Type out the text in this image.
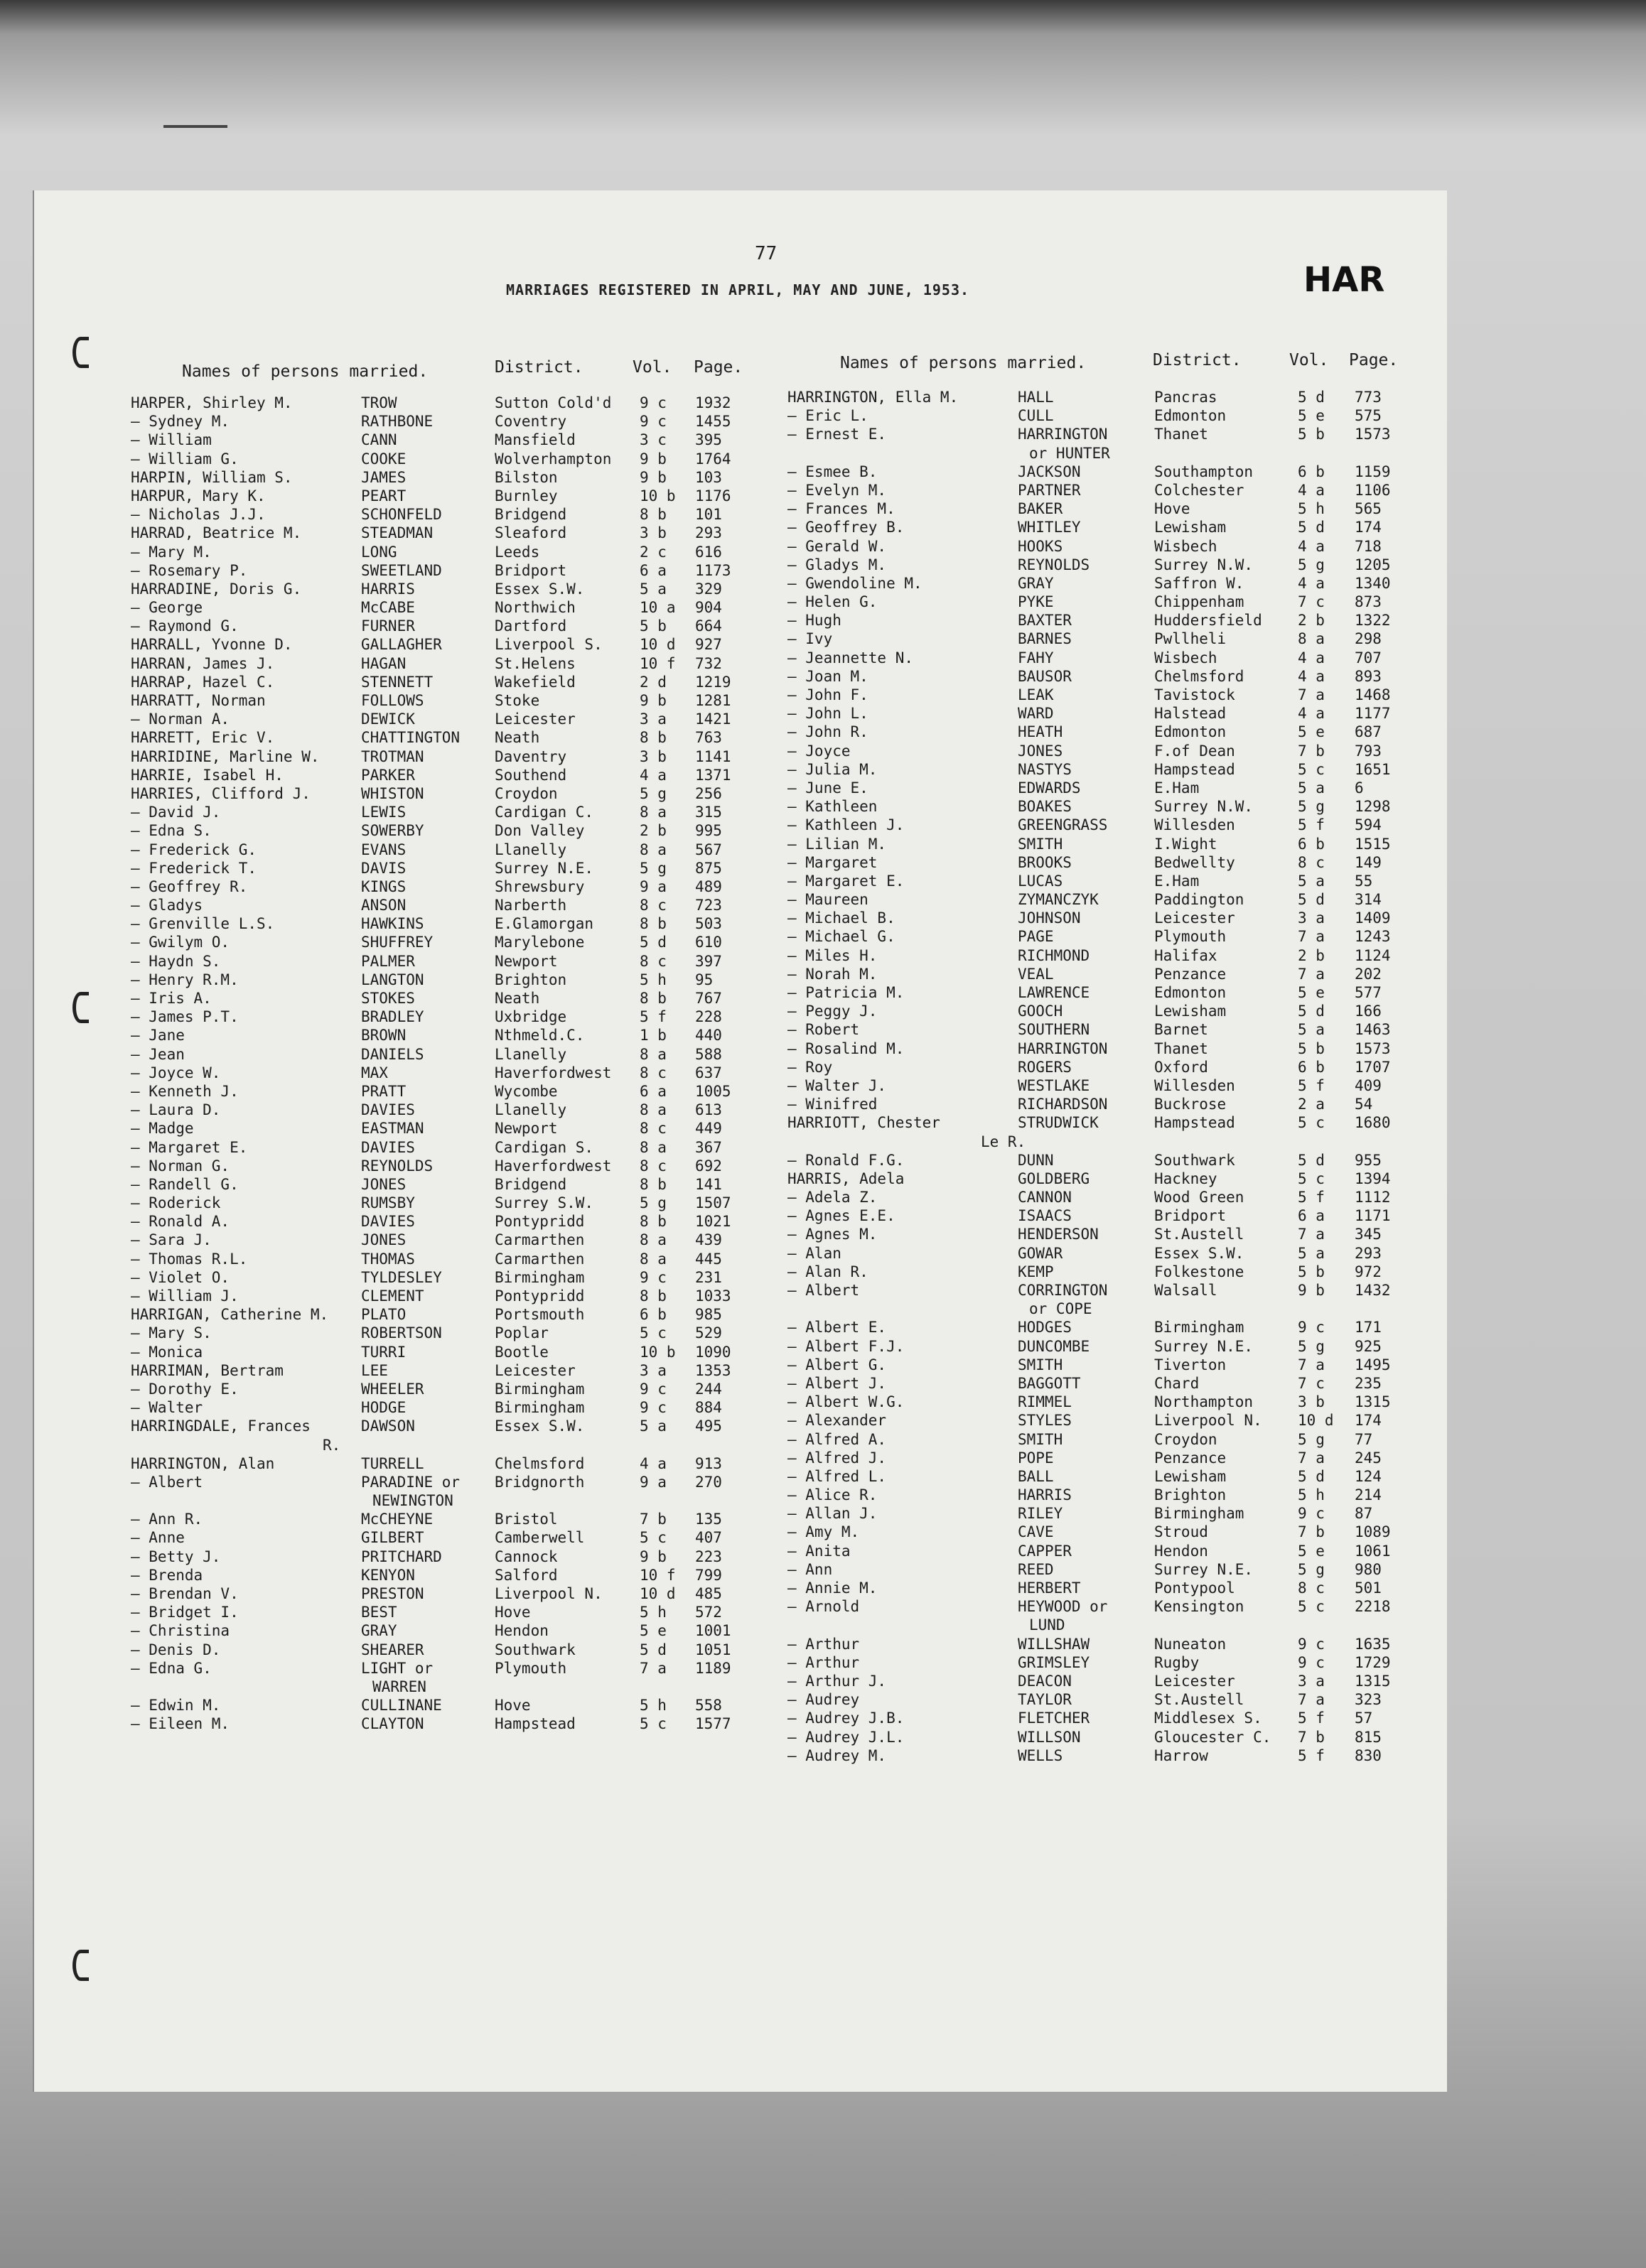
77
MARRIAGES REGISTERED IN APRIL, MAY AND JUNE, 1953.	HAR
Names of persons married.	District.	Vol. Page.	Names of persons married.	District.	Vol. Page.
HARPER, Shirley M.	TROW	Sutton Cold'd 9 c 1932
— Sydney M.	RATHBONE	Coventry	9 c 1455
— William	CANN	Mansfield	3 c 395
— William G.	COOKE	Wolverhampton 9 b 1764
HARPIN, William S.	JAMES	Bilston	9 b 103
HARPUR, Mary K.	PEART	Burnley	10 b 1176
— Nicholas J.J.	SCHONFELD	Bridgend	8 b 101
HARRAD, Beatrice M.	STEADMAN	Sleaford	3 b 293
— Mary M.	LONG	Leeds	2 c 616
— Rosemary P.	SWEETLAND	Bridport	6 a 1173
HARRADINE, Doris G.	HARRIS	Essex S.W.	5 a 329
— George	McCABE	Northwich	10 a 904
— Raymond G.	FURNER	Dartford	5 b 664
HARRALL, Yvonne D.	GALLAGHER	Liverpool S. 10 d 927
HARRAN, James J.	HAGAN	St.Helens	10 f 732
HARRAP, Hazel C.	STENNETT	Wakefield	2 d 1219
HARRATT, Norman	FOLLOWS	Stoke	9 b 1281
— Norman A.	DEWICK	Leicester	3 a 1421
HARRETT, Eric V.	CHATTINGTON Neath	8 b 763
HARRIDINE, Marline W.	TROTMAN	Daventry	3 b 1141
HARRIE, Isabel H.	PARKER	Southend	4 a 1371
HARRIES, Clifford J.	WHISTON	Croydon	5 g 256
— David J.	LEWIS	Cardigan C.	8 a 315
— Edna S.	SOWERBY	Don Valley	2 b 995
— Frederick G.	EVANS	Llanelly	8 a 567
— Frederick T.	DAVIS	Surrey N.E.	5 g 875
— Geoffrey R.	KINGS	Shrewsbury	9 a 489
— Gladys	ANSON	Narberth	8 c 723
— Grenville L.S.	HAWKINS	E.Glamorgan	8 b 503
— Gwilym O.	SHUFFREY	Marylebone	5 d 610
— Haydn S.	PALMER	Newport	8 c 397
— Henry R.M.	LANGTON	Brighton	5 h 95
— Iris A.	STOKES	Neath	8 b 767
— James P.T.	BRADLEY	Uxbridge	5 f 228
— Jane	BROWN	Nthmeld.C.	1 b 440
— Jean	DANIELS	Llanelly	8 a 588
— Joyce W.	MAX	Haverfordwest 8 c 637
— Kenneth J.	PRATT	Wycombe	6 a 1005
— Laura D.	DAVIES	Llanelly	8 a 613
— Madge	EASTMAN	Newport	8 c 449
— Margaret E.	DAVIES	Cardigan S.	8 a 367
— Norman G.	REYNOLDS	Haverfordwest 8 c 692
— Randell G.	JONES	Bridgend	8 b 141
— Roderick	RUMSBY	Surrey S.W.	5 g 1507
— Ronald A.	DAVIES	Pontypridd	8 b 1021
— Sara J.	JONES	Carmarthen	8 a 439
— Thomas R.L.	THOMAS	Carmarthen	8 a 445
— Violet O.	TYLDESLEY	Birmingham	9 c 231
— William J.	CLEMENT	Pontypridd	8 b 1033
HARRIGAN, Catherine M. PLATO	Portsmouth	6 b 985
— Mary S.	ROBERTSON	Poplar	5 c 529
— Monica	TURRI	Bootle	10 b 1090
HARRIMAN, Bertram	LEE	Leicester	3 a 1353
— Dorothy E.	WHEELER	Birmingham	9 c 244
— Walter	HODGE	Birmingham	9 c 884
HARRINGDALE, Frances	DAWSON	Essex S.W.	5 a 495
R.
HARRINGTON, Alan	TURRELL	Chelmsford	4 a 913
— Albert	PARADINE or Bridgnorth	9 a 270
NEWINGTON
— Ann R.	McCHEYNE	Bristol	7 b 135
— Anne	GILBERT	Camberwell	5 c 407
— Betty J.	PRITCHARD	Cannock	9 b 223
— Brenda	KENYON	Salford	10 f 799
— Brendan V.	PRESTON	Liverpool N. 10 d 485
— Bridget I.	BEST	Hove	5 h 572
— Christina	GRAY	Hendon	5 e 1001
— Denis D.	SHEARER	Southwark	5 d 1051
— Edna G.	LIGHT or	Plymouth	7 a 1189
WARREN
— Edwin M.	CULLINANE	Hove	5 h 558
— Eileen M.	CLAYTON	Hampstead	5 c 1577
HARRINGTON, Ella M.	HALL	Pancras	5 d 773
— Eric L.	CULL	Edmonton	5 e 575
— Ernest E.	HARRINGTON	Thanet	5 b 1573
or HUNTER
— Esmee B.	JACKSON	Southampton	6 b 1159
— Evelyn M.	PARTNER	Colchester	4 a 1106
— Frances M.	BAKER	Hove	5 h 565
— Geoffrey B.	WHITLEY	Lewisham	5 d 174
— Gerald W.	HOOKS	Wisbech	4 a 718
— Gladys M.	REYNOLDS	Surrey N.W.	5 g 1205
— Gwendoline M.	GRAY	Saffron W.	4 a 1340
— Helen G.	PYKE	Chippenham	7 c 873
— Hugh	BAXTER	Huddersfield 2 b 1322
— Ivy	BARNES	Pwllheli	8 a 298
— Jeannette N.	FAHY	Wisbech	4 a 707
— Joan M.	BAUSOR	Chelmsford	4 a 893
— John F.	LEAK	Tavistock	7 a 1468
— John L.	WARD	Halstead	4 a 1177
— John R.	HEATH	Edmonton	5 e 687
— Joyce	JONES	F.of Dean	7 b 793
— Julia M.	NASTYS	Hampstead	5 c 1651
— June E.	EDWARDS	E.Ham	5 a 6
— Kathleen	BOAKES	Surrey N.W.	5 g 1298
— Kathleen J.	GREENGRASS	Willesden	5 f 594
— Lilian M.	SMITH	I.Wight	6 b 1515
— Margaret	BROOKS	Bedwellty	8 c 149
— Margaret E.	LUCAS	E.Ham	5 a 55
— Maureen	ZYMANCZYK	Paddington	5 d 314
— Michael B.	JOHNSON	Leicester	3 a 1409
— Michael G.	PAGE	Plymouth	7 a 1243
— Miles H.	RICHMOND	Halifax	2 b 1124
— Norah M.	VEAL	Penzance	7 a 202
— Patricia M.	LAWRENCE	Edmonton	5 e 577
— Peggy J.	GOOCH	Lewisham	5 d 166
— Robert	SOUTHERN	Barnet	5 a 1463
— Rosalind M.	HARRINGTON	Thanet	5 b 1573
— Roy	ROGERS	Oxford	6 b 1707
— Walter J.	WESTLAKE	Willesden	5 f 409
— Winifred	RICHARDSON	Buckrose	2 a 54
HARRIOTT, Chester	STRUDWICK	Hampstead	5 c 1680
Le R.
— Ronald F.G.	DUNN	Southwark	5 d 955
HARRIS, Adela	GOLDBERG	Hackney	5 c 1394
— Adela Z.	CANNON	Wood Green	5 f 1112
— Agnes E.E.	ISAACS	Bridport	6 a 1171
— Agnes M.	HENDERSON	St.Austell	7 a 345
— Alan	GOWAR	Essex S.W.	5 a 293
— Alan R.	KEMP	Folkestone	5 b 972
— Albert	CORRINGTON	Walsall	9 b 1432
or COPE
— Albert E.	HODGES	Birmingham	9 c 171
— Albert F.J.	DUNCOMBE	Surrey N.E.	5 g 925
— Albert G.	SMITH	Tiverton	7 a 1495
— Albert J.	BAGGOTT	Chard	7 c 235
— Albert W.G.	RIMMEL	Northampton	3 b 1315
— Alexander	STYLES	Liverpool N. 10 d 174
— Alfred A.	SMITH	Croydon	5 g 77
— Alfred J.	POPE	Penzance	7 a 245
— Alfred L.	BALL	Lewisham	5 d 124
— Alice R.	HARRIS	Brighton	5 h 214
— Allan J.	RILEY	Birmingham	9 c 87
— Amy M.	CAVE	Stroud	7 b 1089
— Anita	CAPPER	Hendon	5 e 1061
— Ann	REED	Surrey N.E.	5 g 980
— Annie M.	HERBERT	Pontypool	8 c 501
— Arnold	HEYWOOD or	Kensington	5 c 2218
LUND
— Arthur	WILLSHAW	Nuneaton	9 c 1635
— Arthur	GRIMSLEY	Rugby	9 c 1729
— Arthur J.	DEACON	Leicester	3 a 1315
— Audrey	TAYLOR	St.Austell	7 a 323
— Audrey J.B.	FLETCHER	Middlesex S. 5 f 57
— Audrey J.L.	WILLSON	Gloucester C. 7 b 815
— Audrey M.	WELLS	Harrow	5 f 830
